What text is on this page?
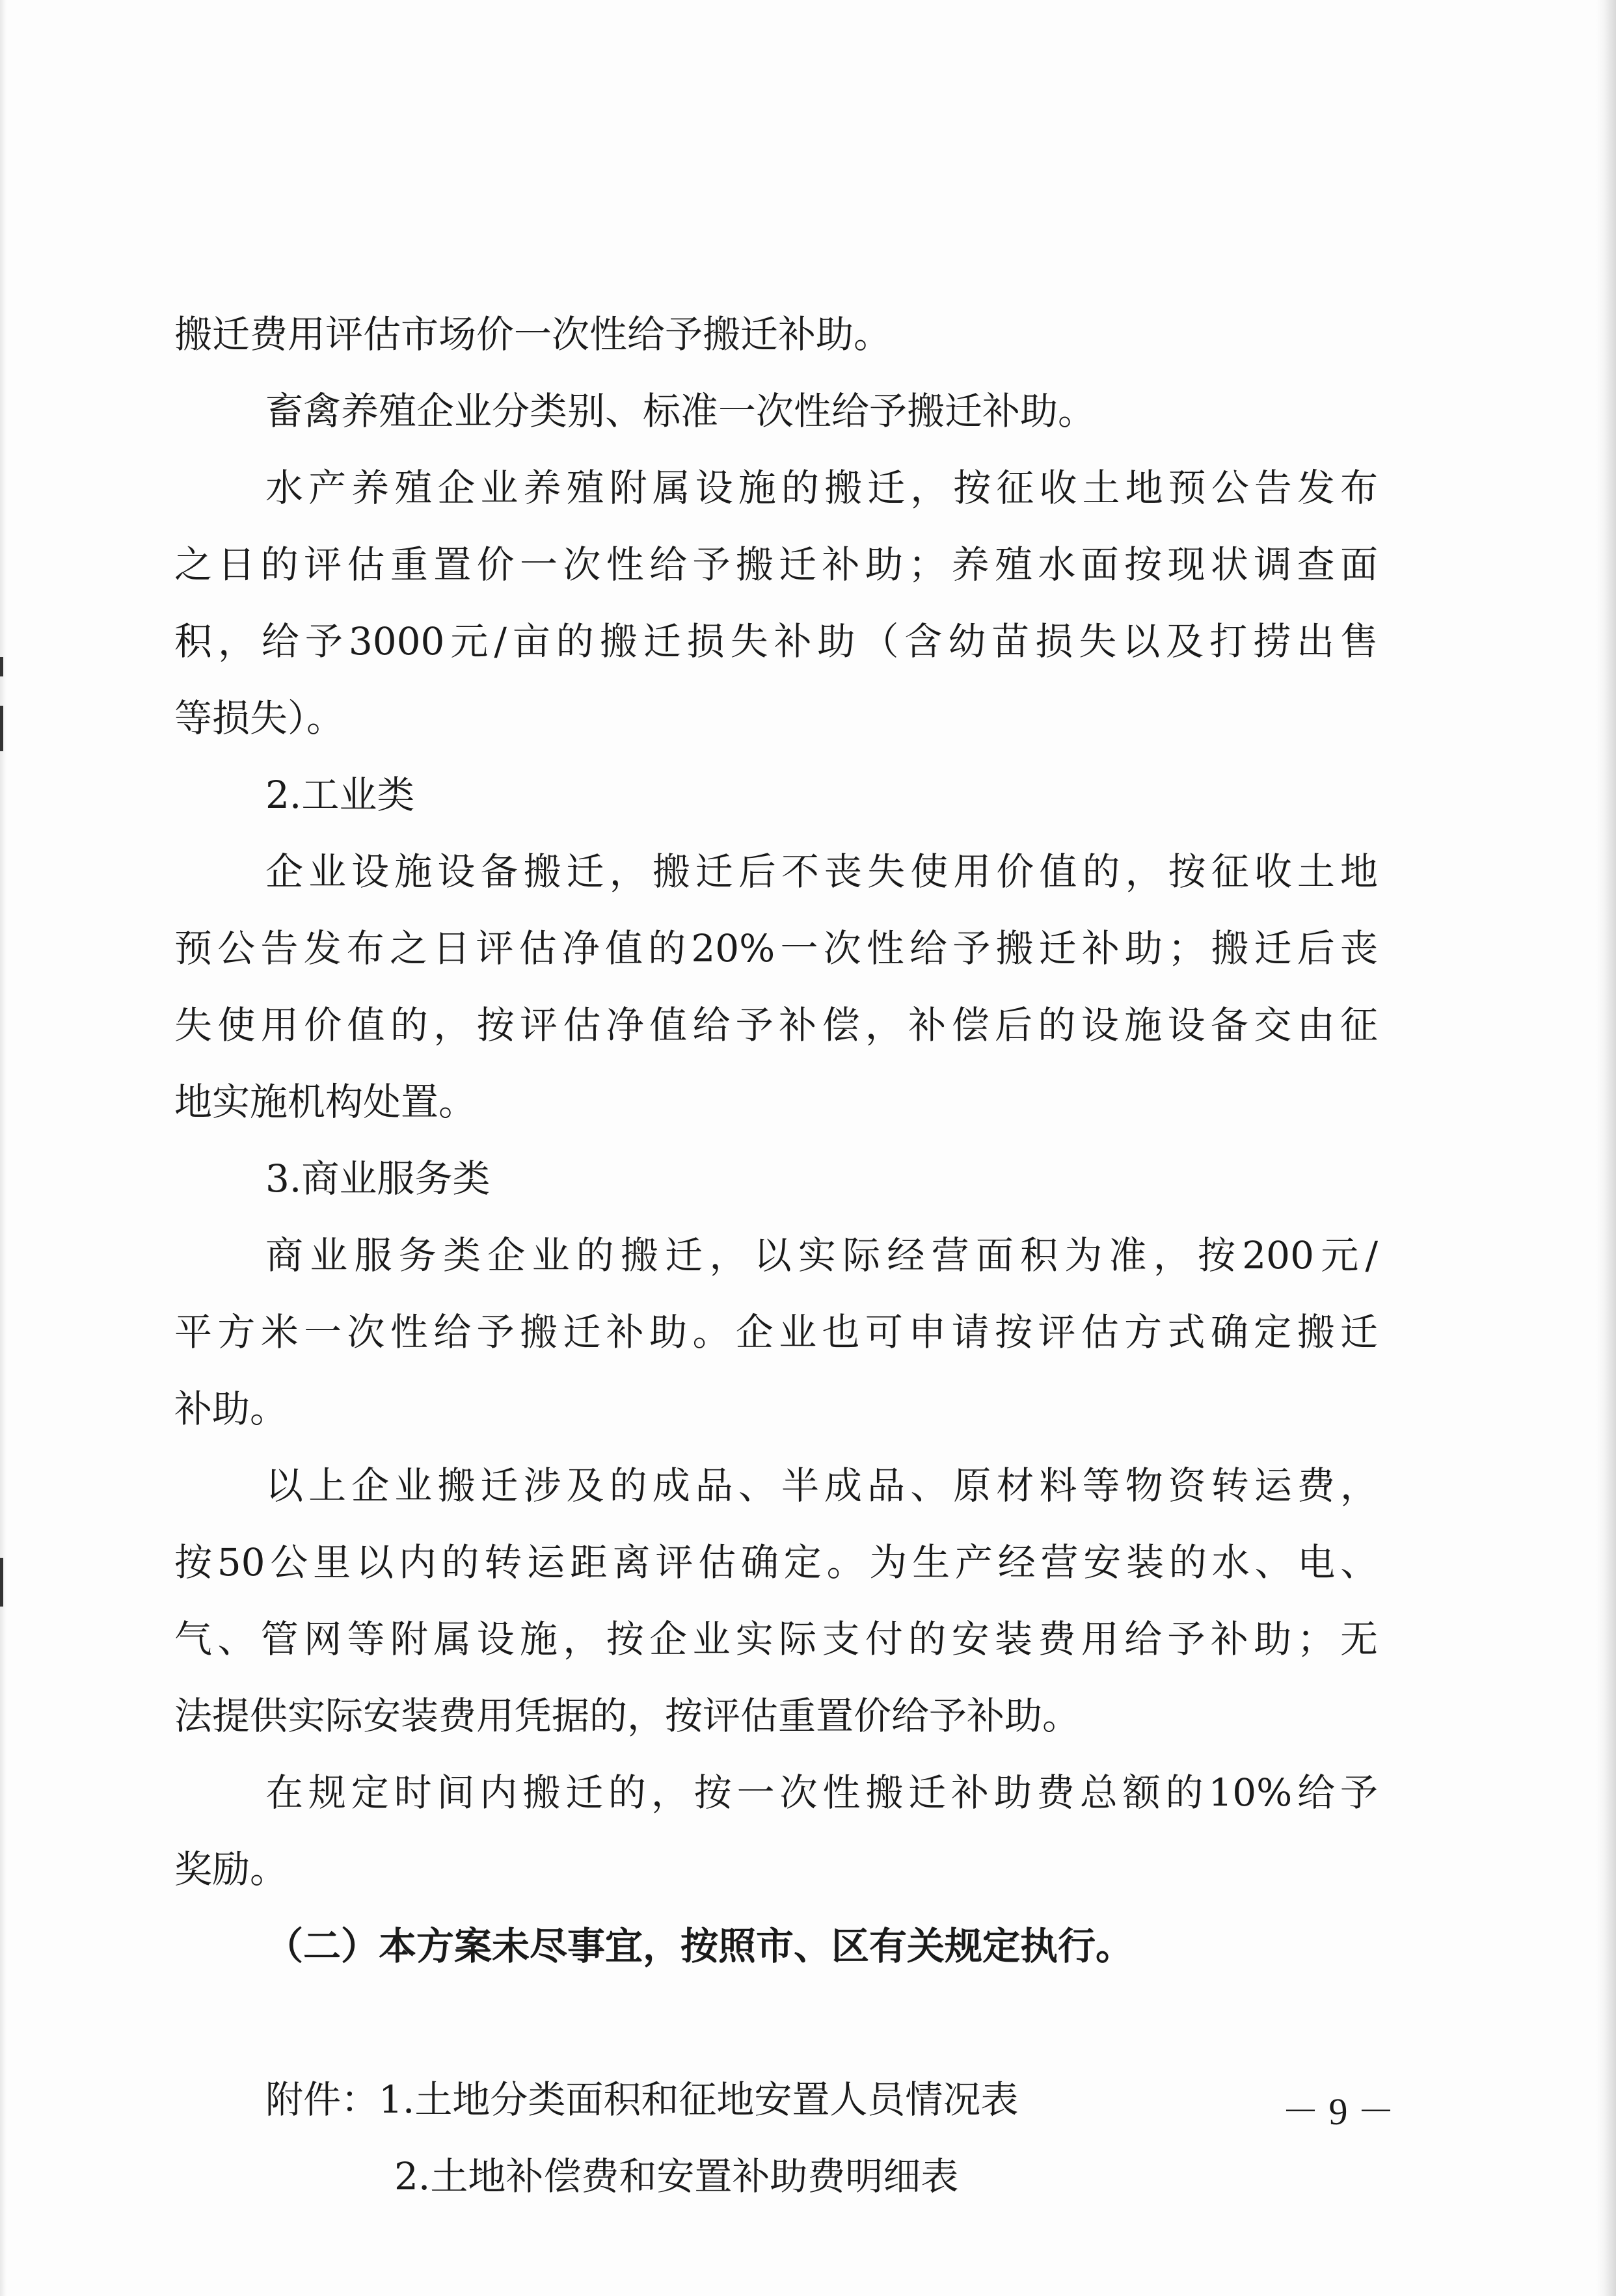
搬迁费用评估市场价一次性给予搬迁补助。
畜禽养殖企业分类别、标准一次性给予搬迁补助。
水产养殖企业养殖附属设施的搬迁，按征收土地预公告发布
之日的评估重置价一次性给予搬迁补助；养殖水面按现状调查面
积，给予3000元/亩的搬迁损失补助（含幼苗损失以及打捞出售
等损失）。
2.工业类
企业设施设备搬迁，搬迁后不丧失使用价值的，按征收土地
预公告发布之日评估净值的20%一次性给予搬迁补助；搬迁后丧
失使用价值的，按评估净值给予补偿，补偿后的设施设备交由征
地实施机构处置。
3.商业服务类
商业服务类企业的搬迁，以实际经营面积为准，按200元/
平方米一次性给予搬迁补助。企业也可申请按评估方式确定搬迁
补助。
以上企业搬迁涉及的成品、半成品、原材料等物资转运费，
按50公里以内的转运距离评估确定。为生产经营安装的水、电、
气、管网等附属设施，按企业实际支付的安装费用给予补助；无
法提供实际安装费用凭据的，按评估重置价给予补助。
在规定时间内搬迁的，按一次性搬迁补助费总额的10%给予
奖励。
（二）本方案未尽事宜，按照市、区有关规定执行。
附件：1.土地分类面积和征地安置人员情况表
2.土地补偿费和安置补助费明细表
－ 9 －
